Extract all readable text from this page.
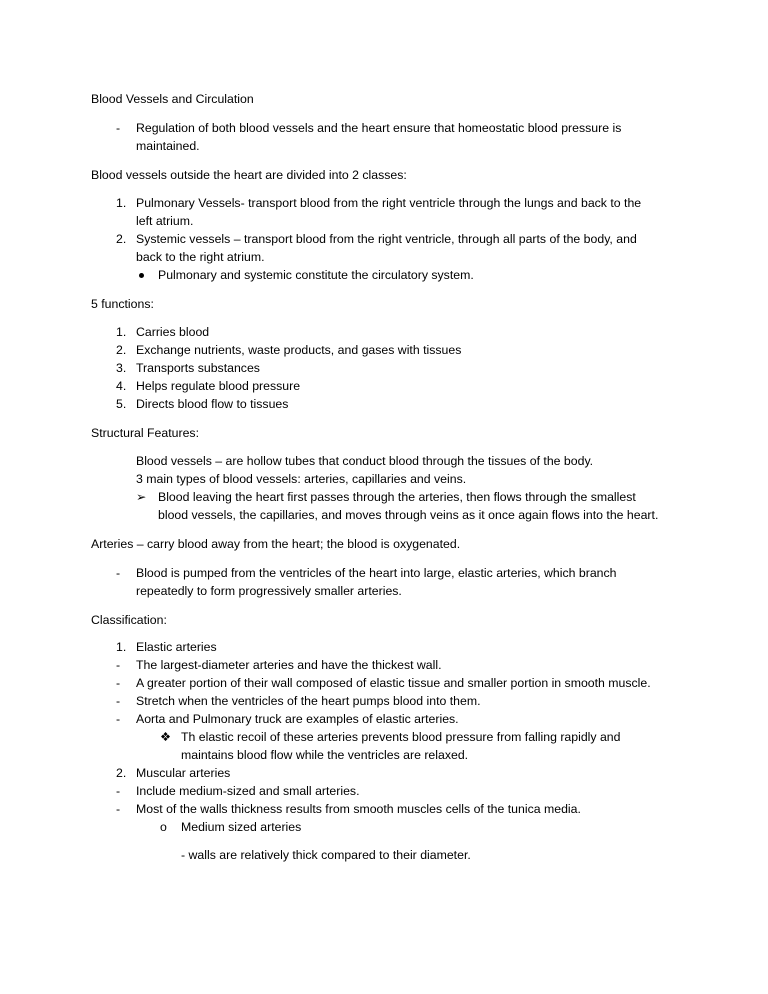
Blood Vessels and Circulation
- Regulation of both blood vessels and the heart ensure that homeostatic blood pressure is
maintained.
Blood vessels outside the heart are divided into 2 classes:
1. Pulmonary Vessels- transport blood from the right ventricle through the lungs and back to the
left atrium.
2. Systemic vessels – transport blood from the right ventricle, through all parts of the body, and
back to the right atrium.
Pulmonary and systemic constitute the circulatory system.
5 functions:
1. Carries blood
2. Exchange nutrients, waste products, and gases with tissues
3. Transports substances
4. Helps regulate blood pressure
5. Directs blood flow to tissues
Structural Features:
Blood vessels – are hollow tubes that conduct blood through the tissues of the body.
3 main types of blood vessels: arteries, capillaries and veins.
➢ Blood leaving the heart first passes through the arteries, then flows through the smallest
blood vessels, the capillaries, and moves through veins as it once again flows into the heart.
Arteries – carry blood away from the heart; the blood is oxygenated.
- Blood is pumped from the ventricles of the heart into large, elastic arteries, which branch
repeatedly to form progressively smaller arteries.
Classification:
1. Elastic arteries
- The largest-diameter arteries and have the thickest wall.
- A greater portion of their wall composed of elastic tissue and smaller portion in smooth muscle.
- Stretch when the ventricles of the heart pumps blood into them.
- Aorta and Pulmonary truck are examples of elastic arteries.
❖ Th elastic recoil of these arteries prevents blood pressure from falling rapidly and
maintains blood flow while the ventricles are relaxed.
2. Muscular arteries
- Include medium-sized and small arteries.
- Most of the walls thickness results from smooth muscles cells of the tunica media.
o Medium sized arteries
- walls are relatively thick compared to their diameter.
